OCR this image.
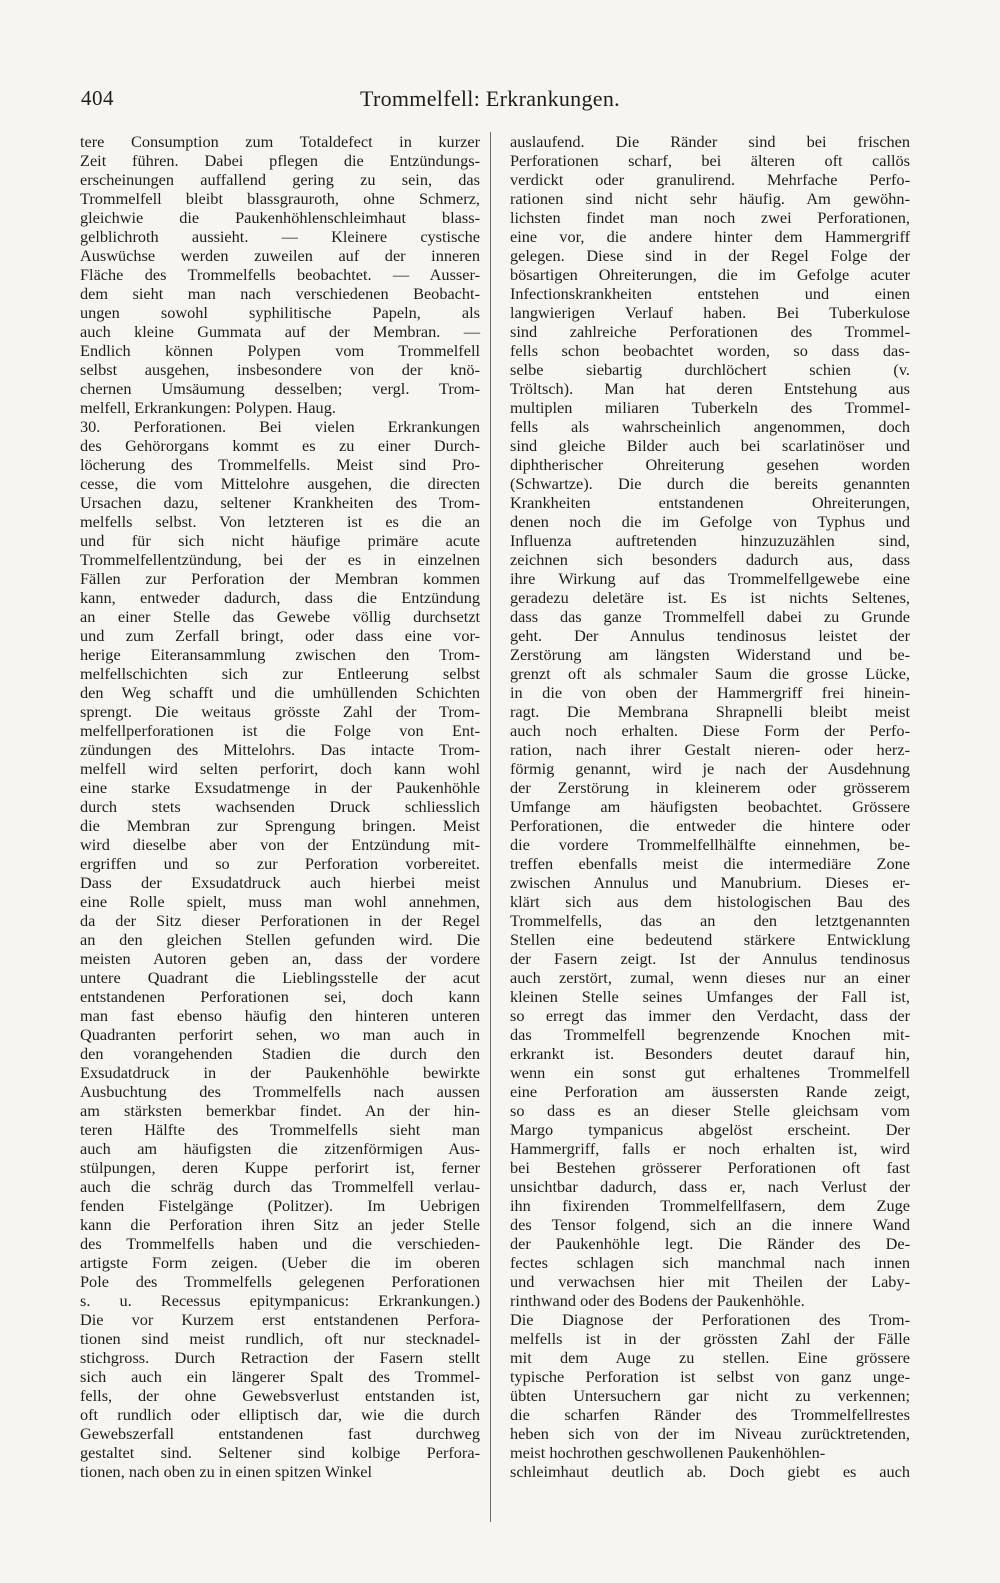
404	Trommelfell: Erkrankungen.
tere Consumption zum Totaldefect in kurzer
Zeit führen. Dabei pflegen die Entzündungs-
erscheinungen auffallend gering zu sein, das
Trommelfell bleibt blassgrauroth, ohne Schmerz,
gleichwie die Paukenhöhlenschleimhaut blass-
gelblichroth aussieht. — Kleinere cystische
Auswüchse werden zuweilen auf der inneren
Fläche des Trommelfells beobachtet. — Ausser-
dem sieht man nach verschiedenen Beobacht-
ungen sowohl syphilitische Papeln, als
auch kleine Gummata auf der Membran. —
Endlich können Polypen vom Trommelfell
selbst ausgehen, insbesondere von der knö-
chernen Umsäumung desselben; vergl. Trom-
melfell, Erkrankungen: Polypen. Haug.
30. Perforationen. Bei vielen Erkrankungen
des Gehörorgans kommt es zu einer Durch-
löcherung des Trommelfells. Meist sind Pro-
cesse, die vom Mittelohre ausgehen, die directen
Ursachen dazu, seltener Krankheiten des Trom-
melfells selbst. Von letzteren ist es die an
und für sich nicht häufige primäre acute
Trommelfellentzündung, bei der es in einzelnen
Fällen zur Perforation der Membran kommen
kann, entweder dadurch, dass die Entzündung
an einer Stelle das Gewebe völlig durchsetzt
und zum Zerfall bringt, oder dass eine vor-
herige Eiteransammlung zwischen den Trom-
melfellschichten sich zur Entleerung selbst
den Weg schafft und die umhüllenden Schichten
sprengt. Die weitaus grösste Zahl der Trom-
melfellperforationen ist die Folge von Ent-
zündungen des Mittelohrs. Das intacte Trom-
melfell wird selten perforirt, doch kann wohl
eine starke Exsudatmenge in der Paukenhöhle
durch stets wachsenden Druck schliesslich
die Membran zur Sprengung bringen. Meist
wird dieselbe aber von der Entzündung mit-
ergriffen und so zur Perforation vorbereitet.
Dass der Exsudatdruck auch hierbei meist
eine Rolle spielt, muss man wohl annehmen,
da der Sitz dieser Perforationen in der Regel
an den gleichen Stellen gefunden wird. Die
meisten Autoren geben an, dass der vordere
untere Quadrant die Lieblingsstelle der acut
entstandenen Perforationen sei, doch kann
man fast ebenso häufig den hinteren unteren
Quadranten perforirt sehen, wo man auch in
den vorangehenden Stadien die durch den
Exsudatdruck in der Paukenhöhle bewirkte
Ausbuchtung des Trommelfells nach aussen
am stärksten bemerkbar findet. An der hin-
teren Hälfte des Trommelfells sieht man
auch am häufigsten die zitzenförmigen Aus-
stülpungen, deren Kuppe perforirt ist, ferner
auch die schräg durch das Trommelfell verlau-
fenden Fistelgänge (Politzer). Im Uebrigen
kann die Perforation ihren Sitz an jeder Stelle
des Trommelfells haben und die verschieden-
artigste Form zeigen. (Ueber die im oberen
Pole des Trommelfells gelegenen Perforationen
s. u. Recessus epitympanicus: Erkrankungen.)
Die vor Kurzem erst entstandenen Perfora-
tionen sind meist rundlich, oft nur stecknadel-
stichgross. Durch Retraction der Fasern stellt
sich auch ein längerer Spalt des Trommel-
fells, der ohne Gewebsverlust entstanden ist,
oft rundlich oder elliptisch dar, wie die durch
Gewebszerfall entstandenen fast durchweg
gestaltet sind. Seltener sind kolbige Perfora-
tionen, nach oben zu in einen spitzen Winkel
auslaufend. Die Ränder sind bei frischen
Perforationen scharf, bei älteren oft callös
verdickt oder granulirend. Mehrfache Perfo-
rationen sind nicht sehr häufig. Am gewöhn-
lichsten findet man noch zwei Perforationen,
eine vor, die andere hinter dem Hammergriff
gelegen. Diese sind in der Regel Folge der
bösartigen Ohreiterungen, die im Gefolge acuter
Infectionskrankheiten entstehen und einen
langwierigen Verlauf haben. Bei Tuberkulose
sind zahlreiche Perforationen des Trommel-
fells schon beobachtet worden, so dass das-
selbe siebartig durchlöchert schien (v.
Tröltsch). Man hat deren Entstehung aus
multiplen miliaren Tuberkeln des Trommel-
fells als wahrscheinlich angenommen, doch
sind gleiche Bilder auch bei scarlatinöser und
diphtherischer Ohreiterung gesehen worden
(Schwartze). Die durch die bereits genannten
Krankheiten entstandenen Ohreiterungen,
denen noch die im Gefolge von Typhus und
Influenza auftretenden hinzuzuzählen sind,
zeichnen sich besonders dadurch aus, dass
ihre Wirkung auf das Trommelfellgewebe eine
geradezu deletäre ist. Es ist nichts Seltenes,
dass das ganze Trommelfell dabei zu Grunde
geht. Der Annulus tendinosus leistet der
Zerstörung am längsten Widerstand und be-
grenzt oft als schmaler Saum die grosse Lücke,
in die von oben der Hammergriff frei hinein-
ragt. Die Membrana Shrapnelli bleibt meist
auch noch erhalten. Diese Form der Perfo-
ration, nach ihrer Gestalt nieren- oder herz-
förmig genannt, wird je nach der Ausdehnung
der Zerstörung in kleinerem oder grösserem
Umfange am häufigsten beobachtet. Grössere
Perforationen, die entweder die hintere oder
die vordere Trommelfellhälfte einnehmen, be-
treffen ebenfalls meist die intermediäre Zone
zwischen Annulus und Manubrium. Dieses er-
klärt sich aus dem histologischen Bau des
Trommelfells, das an den letztgenannten
Stellen eine bedeutend stärkere Entwicklung
der Fasern zeigt. Ist der Annulus tendinosus
auch zerstört, zumal, wenn dieses nur an einer
kleinen Stelle seines Umfanges der Fall ist,
so erregt das immer den Verdacht, dass der
das Trommelfell begrenzende Knochen mit-
erkrankt ist. Besonders deutet darauf hin,
wenn ein sonst gut erhaltenes Trommelfell
eine Perforation am äussersten Rande zeigt,
so dass es an dieser Stelle gleichsam vom
Margo tympanicus abgelöst erscheint. Der
Hammergriff, falls er noch erhalten ist, wird
bei Bestehen grösserer Perforationen oft fast
unsichtbar dadurch, dass er, nach Verlust der
ihn fixirenden Trommelfellfasern, dem Zuge
des Tensor folgend, sich an die innere Wand
der Paukenhöhle legt. Die Ränder des De-
fectes schlagen sich manchmal nach innen
und verwachsen hier mit Theilen der Laby-
rinthwand oder des Bodens der Paukenhöhle.
Die Diagnose der Perforationen des Trom-
melfells ist in der grössten Zahl der Fälle
mit dem Auge zu stellen. Eine grössere
typische Perforation ist selbst von ganz unge-
übten Untersuchern gar nicht zu verkennen;
die scharfen Ränder des Trommelfellrestes
heben sich von der im Niveau zurücktretenden,
meist hochrothen geschwollenen Paukenhöhlen-
schleimhaut deutlich ab. Doch giebt es auch
